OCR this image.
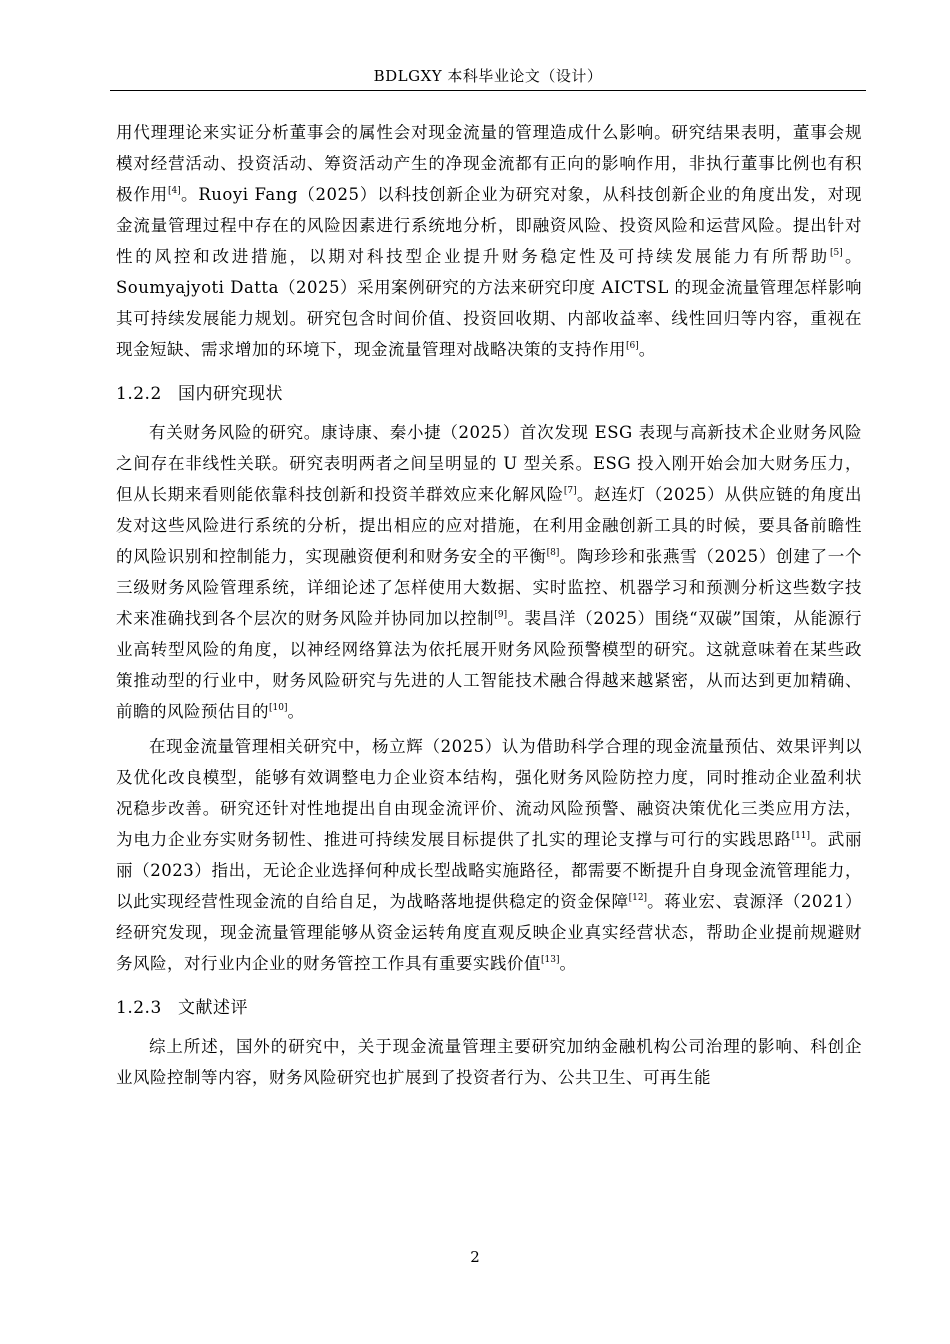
BDLGXY 本科毕业论文（设计）

用代理理论来实证分析董事会的属性会对现金流量的管理造成什么影响。研究结果表明，董事会规模对经营活动、投资活动、筹资活动产生的净现金流都有正向的影响作用，非执行董事比例也有积极作用[4]。Ruoyi Fang（2025）以科技创新企业为研究对象，从科技创新企业的角度出发，对现金流量管理过程中存在的风险因素进行系统地分析，即融资风险、投资风险和运营风险。提出针对性的风控和改进措施，以期对科技型企业提升财务稳定性及可持续发展能力有所帮助[5]。Soumyajyoti Datta（2025）采用案例研究的方法来研究印度 AICTSL 的现金流量管理怎样影响其可持续发展能力规划。研究包含时间价值、投资回收期、内部收益率、线性回归等内容，重视在现金短缺、需求增加的环境下，现金流量管理对战略决策的支持作用[6]。

1.2.2 国内研究现状

有关财务风险的研究。康诗康、秦小捷（2025）首次发现 ESG 表现与高新技术企业财务风险之间存在非线性关联。研究表明两者之间呈明显的 U 型关系。ESG 投入刚开始会加大财务压力，但从长期来看则能依靠科技创新和投资羊群效应来化解风险[7]。赵连灯（2025）从供应链的角度出发对这些风险进行系统的分析，提出相应的应对措施，在利用金融创新工具的时候，要具备前瞻性的风险识别和控制能力，实现融资便利和财务安全的平衡[8]。陶珍珍和张燕雪（2025）创建了一个三级财务风险管理系统，详细论述了怎样使用大数据、实时监控、机器学习和预测分析这些数字技术来准确找到各个层次的财务风险并协同加以控制[9]。裴昌洋（2025）围绕“双碳”国策，从能源行业高转型风险的角度，以神经网络算法为依托展开财务风险预警模型的研究。这就意味着在某些政策推动型的行业中，财务风险研究与先进的人工智能技术融合得越来越紧密，从而达到更加精确、前瞻的风险预估目的[10]。

在现金流量管理相关研究中，杨立辉（2025）认为借助科学合理的现金流量预估、效果评判以及优化改良模型，能够有效调整电力企业资本结构，强化财务风险防控力度，同时推动企业盈利状况稳步改善。研究还针对性地提出自由现金流评价、流动风险预警、融资决策优化三类应用方法，为电力企业夯实财务韧性、推进可持续发展目标提供了扎实的理论支撑与可行的实践思路[11]。武丽丽（2023）指出，无论企业选择何种成长型战略实施路径，都需要不断提升自身现金流管理能力，以此实现经营性现金流的自给自足，为战略落地提供稳定的资金保障[12]。蒋业宏、袁源泽（2021）经研究发现，现金流量管理能够从资金运转角度直观反映企业真实经营状态，帮助企业提前规避财务风险，对行业内企业的财务管控工作具有重要实践价值[13]。

1.2.3 文献述评

综上所述，国外的研究中，关于现金流量管理主要研究加纳金融机构公司治理的影响、科创企业风险控制等内容，财务风险研究也扩展到了投资者行为、公共卫生、可再生能

2
